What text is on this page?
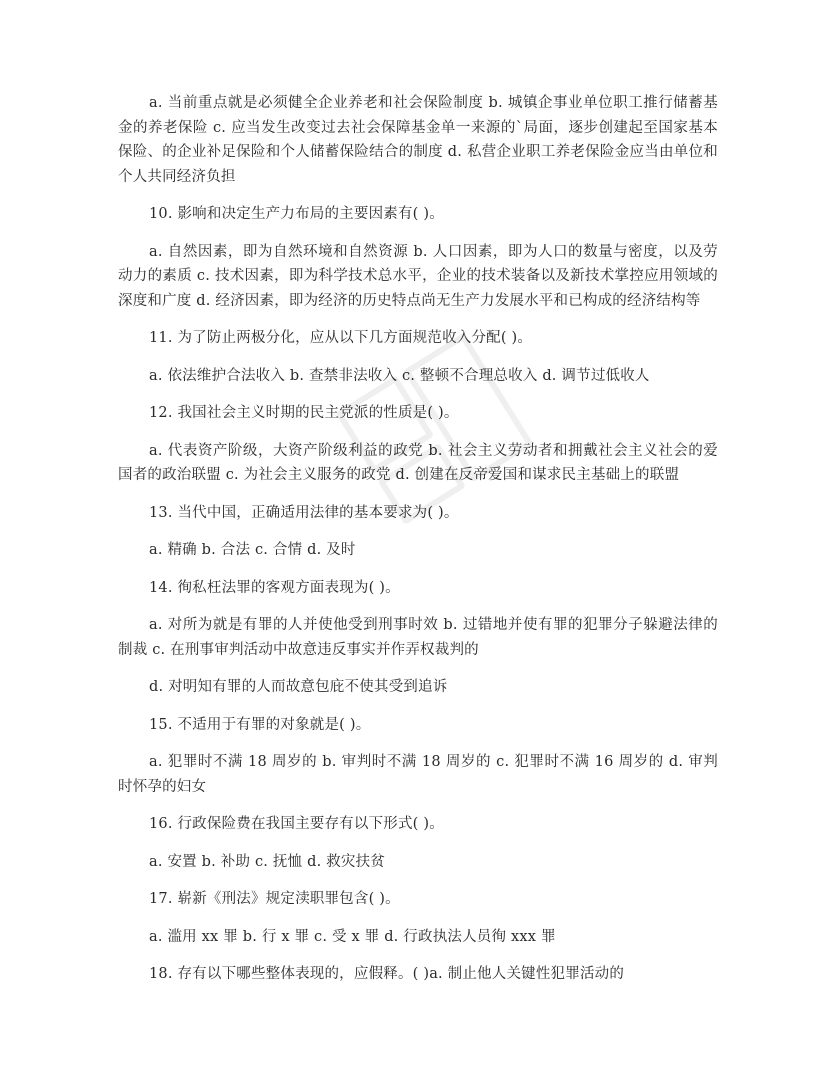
a. 当前重点就是必须健全企业养老和社会保险制度 b. 城镇企事业单位职工推行储蓄基金的养老保险 c. 应当发生改变过去社会保障基金单一来源的`局面，逐步创建起至国家基本保险、的企业补足保险和个人储蓄保险结合的制度 d. 私营企业职工养老保险金应当由单位和个人共同经济负担

10. 影响和决定生产力布局的主要因素有( )。

a. 自然因素，即为自然环境和自然资源 b. 人口因素，即为人口的数量与密度，以及劳动力的素质 c. 技术因素，即为科学技术总水平，企业的技术装备以及新技术掌控应用领域的深度和广度 d. 经济因素，即为经济的历史特点尚无生产力发展水平和已构成的经济结构等

11. 为了防止两极分化，应从以下几方面规范收入分配( )。

a. 依法维护合法收入 b. 查禁非法收入 c. 整顿不合理总收入 d. 调节过低收人

12. 我国社会主义时期的民主党派的性质是( )。

a. 代表资产阶级，大资产阶级利益的政党 b. 社会主义劳动者和拥戴社会主义社会的爱国者的政治联盟 c. 为社会主义服务的政党 d. 创建在反帝爱国和谋求民主基础上的联盟

13. 当代中国，正确适用法律的基本要求为( )。

a. 精确 b. 合法 c. 合情 d. 及时

14. 徇私枉法罪的客观方面表现为( )。

a. 对所为就是有罪的人并使他受到刑事时效 b. 过错地并使有罪的犯罪分子躲避法律的制裁 c. 在刑事审判活动中故意违反事实并作弄权裁判的

d. 对明知有罪的人而故意包庇不使其受到追诉

15. 不适用于有罪的对象就是( )。

a. 犯罪时不满 18 周岁的 b. 审判时不满 18 周岁的 c. 犯罪时不满 16 周岁的 d. 审判时怀孕的妇女

16. 行政保险费在我国主要存有以下形式( )。

a. 安置 b. 补助 c. 抚恤 d. 救灾扶贫

17. 崭新《刑法》规定渎职罪包含( )。

a. 滥用 xx 罪 b. 行 x 罪 c. 受 x 罪 d. 行政执法人员徇 xxx 罪

18. 存有以下哪些整体表现的，应假释。( )a. 制止他人关键性犯罪活动的
